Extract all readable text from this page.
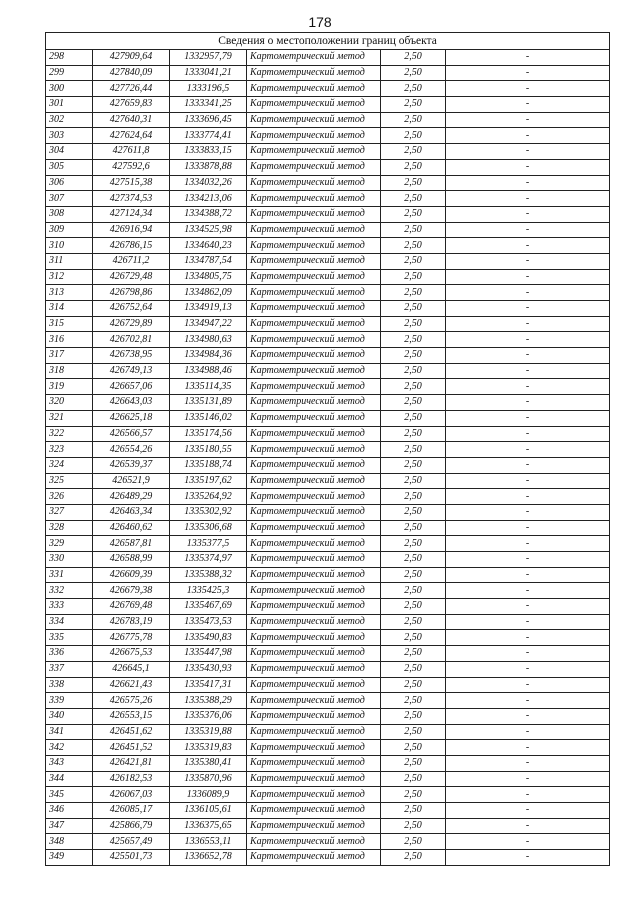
178
Сведения о местоположении границ объекта					
298	427909,64	1332957,79	Картометрический метод	2,50	-
299	427840,09	1333041,21	Картометрический метод	2,50	-
300	427726,44	1333196,5	Картометрический метод	2,50	-
301	427659,83	1333341,25	Картометрический метод	2,50	-
302	427640,31	1333696,45	Картометрический метод	2,50	-
303	427624,64	1333774,41	Картометрический метод	2,50	-
304	427611,8	1333833,15	Картометрический метод	2,50	-
305	427592,6	1333878,88	Картометрический метод	2,50	-
306	427515,38	1334032,26	Картометрический метод	2,50	-
307	427374,53	1334213,06	Картометрический метод	2,50	-
308	427124,34	1334388,72	Картометрический метод	2,50	-
309	426916,94	1334525,98	Картометрический метод	2,50	-
310	426786,15	1334640,23	Картометрический метод	2,50	-
311	426711,2	1334787,54	Картометрический метод	2,50	-
312	426729,48	1334805,75	Картометрический метод	2,50	-
313	426798,86	1334862,09	Картометрический метод	2,50	-
314	426752,64	1334919,13	Картометрический метод	2,50	-
315	426729,89	1334947,22	Картометрический метод	2,50	-
316	426702,81	1334980,63	Картометрический метод	2,50	-
317	426738,95	1334984,36	Картометрический метод	2,50	-
318	426749,13	1334988,46	Картометрический метод	2,50	-
319	426657,06	1335114,35	Картометрический метод	2,50	-
320	426643,03	1335131,89	Картометрический метод	2,50	-
321	426625,18	1335146,02	Картометрический метод	2,50	-
322	426566,57	1335174,56	Картометрический метод	2,50	-
323	426554,26	1335180,55	Картометрический метод	2,50	-
324	426539,37	1335188,74	Картометрический метод	2,50	-
325	426521,9	1335197,62	Картометрический метод	2,50	-
326	426489,29	1335264,92	Картометрический метод	2,50	-
327	426463,34	1335302,92	Картометрический метод	2,50	-
328	426460,62	1335306,68	Картометрический метод	2,50	-
329	426587,81	1335377,5	Картометрический метод	2,50	-
330	426588,99	1335374,97	Картометрический метод	2,50	-
331	426609,39	1335388,32	Картометрический метод	2,50	-
332	426679,38	1335425,3	Картометрический метод	2,50	-
333	426769,48	1335467,69	Картометрический метод	2,50	-
334	426783,19	1335473,53	Картометрический метод	2,50	-
335	426775,78	1335490,83	Картометрический метод	2,50	-
336	426675,53	1335447,98	Картометрический метод	2,50	-
337	426645,1	1335430,93	Картометрический метод	2,50	-
338	426621,43	1335417,31	Картометрический метод	2,50	-
339	426575,26	1335388,29	Картометрический метод	2,50	-
340	426553,15	1335376,06	Картометрический метод	2,50	-
341	426451,62	1335319,88	Картометрический метод	2,50	-
342	426451,52	1335319,83	Картометрический метод	2,50	-
343	426421,81	1335380,41	Картометрический метод	2,50	-
344	426182,53	1335870,96	Картометрический метод	2,50	-
345	426067,03	1336089,9	Картометрический метод	2,50	-
346	426085,17	1336105,61	Картометрический метод	2,50	-
347	425866,79	1336375,65	Картометрический метод	2,50	-
348	425657,49	1336553,11	Картометрический метод	2,50	-
349	425501,73	1336652,78	Картометрический метод	2,50	-
